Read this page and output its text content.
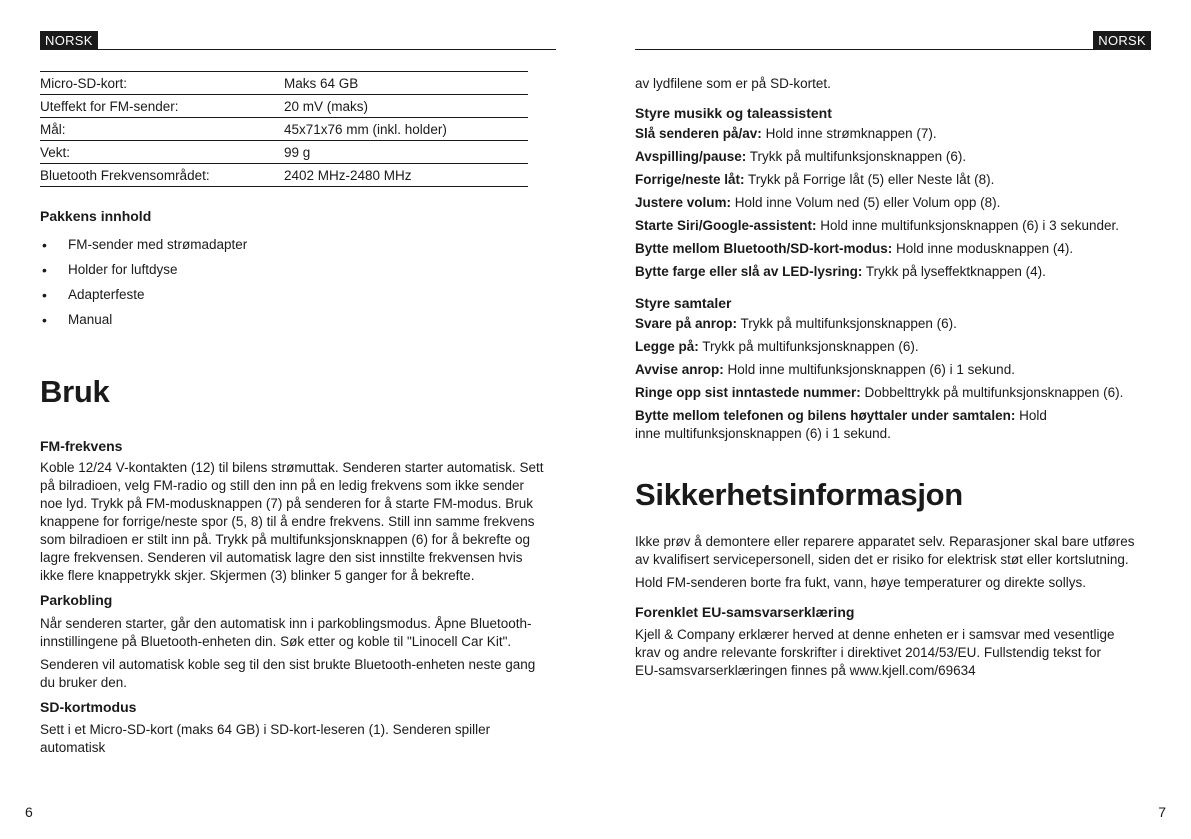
NORSK
Micro-SD-kort:	Maks 64 GB
Uteffekt for FM-sender:	20 mV (maks)
Mål:	45x71x76 mm (inkl. holder)
Vekt:	99 g
Bluetooth Frekvensområdet:	2402 MHz-2480 MHz
Pakkens innhold
• FM-sender med strømadapter
• Holder for luftdyse
• Adapterfeste
• Manual
Bruk
FM-frekvens

Koble 12/24 V-kontakten (12) til bilens strømuttak. Senderen starter automatisk. Sett på bilradioen, velg FM-radio og still den inn på en ledig frekvens som ikke sender noe lyd. Trykk på FM-modusknappen (7) på senderen for å starte FM-modus. Bruk knappene for forrige/neste spor (5, 8) til å endre frekvens. Still inn samme frekvens som bilradioen er stilt inn på. Trykk på multifunksjonsknappen (6) for å bekrefte og lagre frekvensen. Senderen vil automatisk lagre den sist innstilte frekvensen hvis ikke flere knappetrykk skjer. Skjermen (3) blinker 5 ganger for å bekrefte.

Parkobling

Når senderen starter, går den automatisk inn i parkoblingsmodus. Åpne Bluetooth-innstillingene på Bluetooth-enheten din. Søk etter og koble til "Linocell Car Kit".

Senderen vil automatisk koble seg til den sist brukte Bluetooth-enheten neste gang du bruker den.

SD-kortmodus

Sett i et Micro-SD-kort (maks 64 GB) i SD-kort-leseren (1). Senderen spiller automatisk

6
NORSK

av lydfilene som er på SD-kortet.

Styre musikk og taleassistent

Slå senderen på/av: Hold inne strømknappen (7).

Avspilling/pause: Trykk på multifunksjonsknappen (6).

Forrige/neste låt: Trykk på Forrige låt (5) eller Neste låt (8).

Justere volum: Hold inne Volum ned (5) eller Volum opp (8).

Starte Siri/Google-assistent: Hold inne multifunksjonsknappen (6) i 3 sekunder.

Bytte mellom Bluetooth/SD-kort-modus: Hold inne modusknappen (4).

Bytte farge eller slå av LED-lysring: Trykk på lyseffektknappen (4).

Styre samtaler

Svare på anrop: Trykk på multifunksjonsknappen (6).

Legge på: Trykk på multifunksjonsknappen (6).

Avvise anrop: Hold inne multifunksjonsknappen (6) i 1 sekund.

Ringe opp sist inntastede nummer: Dobbelttrykk på multifunksjonsknappen (6).

Bytte mellom telefonen og bilens høyttaler under samtalen: Hold inne multifunksjonsknappen (6) i 1 sekund.

Sikkerhetsinformasjon

Ikke prøv å demontere eller reparere apparatet selv. Reparasjoner skal bare utføres av kvalifisert servicepersonell, siden det er risiko for elektrisk støt eller kortslutning.

Hold FM-senderen borte fra fukt, vann, høye temperaturer og direkte sollys.

Forenklet EU-samsvarserklæring

Kjell & Company erklærer herved at denne enheten er i samsvar med vesentlige krav og andre relevante forskrifter i direktivet 2014/53/EU. Fullstendig tekst for EU-samsvarserklæringen finnes på www.kjell.com/69634

7
